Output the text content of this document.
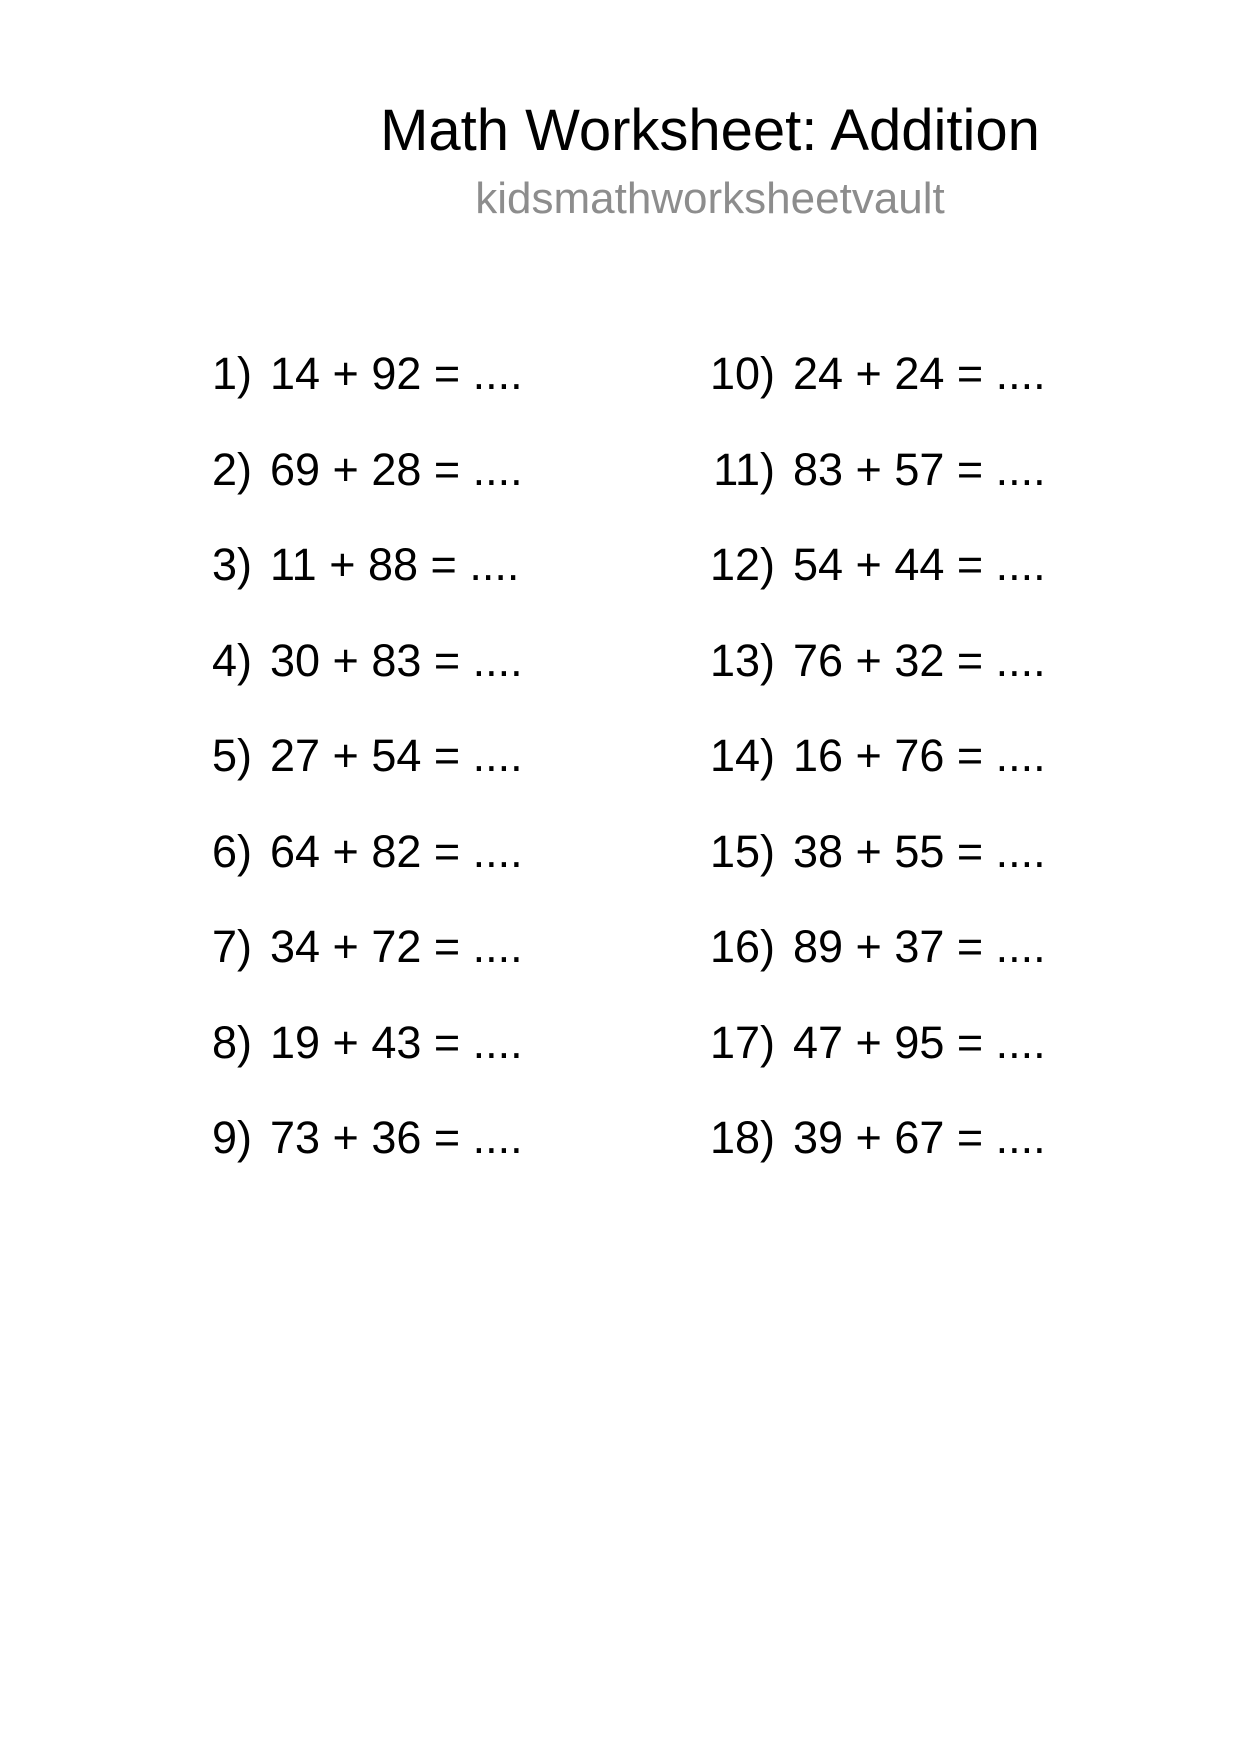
Math Worksheet: Addition
kidsmathworksheetvault
1) 14 + 92 = ....
2) 69 + 28 = ....
3) 11 + 88 = ....
4) 30 + 83 = ....
5) 27 + 54 = ....
6) 64 + 82 = ....
7) 34 + 72 = ....
8) 19 + 43 = ....
9) 73 + 36 = ....
10) 24 + 24 = ....
11) 83 + 57 = ....
12) 54 + 44 = ....
13) 76 + 32 = ....
14) 16 + 76 = ....
15) 38 + 55 = ....
16) 89 + 37 = ....
17) 47 + 95 = ....
18) 39 + 67 = ....
